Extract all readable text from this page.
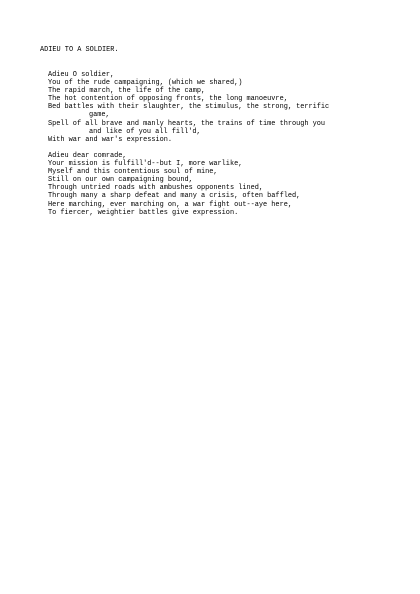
ADIEU TO A SOLDIER.
Adieu O soldier,
You of the rude campaigning, (which we shared,)
The rapid march, the life of the camp,
The hot contention of opposing fronts, the long manoeuvre,
Bed battles with their slaughter, the stimulus, the strong, terrific
game,
Spell of all brave and manly hearts, the trains of time through you
and like of you all fill'd,
With war and war's expression.
Adieu dear comrade,
Your mission is fulfill'd--but I, more warlike,
Myself and this contentious soul of mine,
Still on our own campaigning bound,
Through untried roads with ambushes opponents lined,
Through many a sharp defeat and many a crisis, often baffled,
Here marching, ever marching on, a war fight out--aye here,
To fiercer, weightier battles give expression.
